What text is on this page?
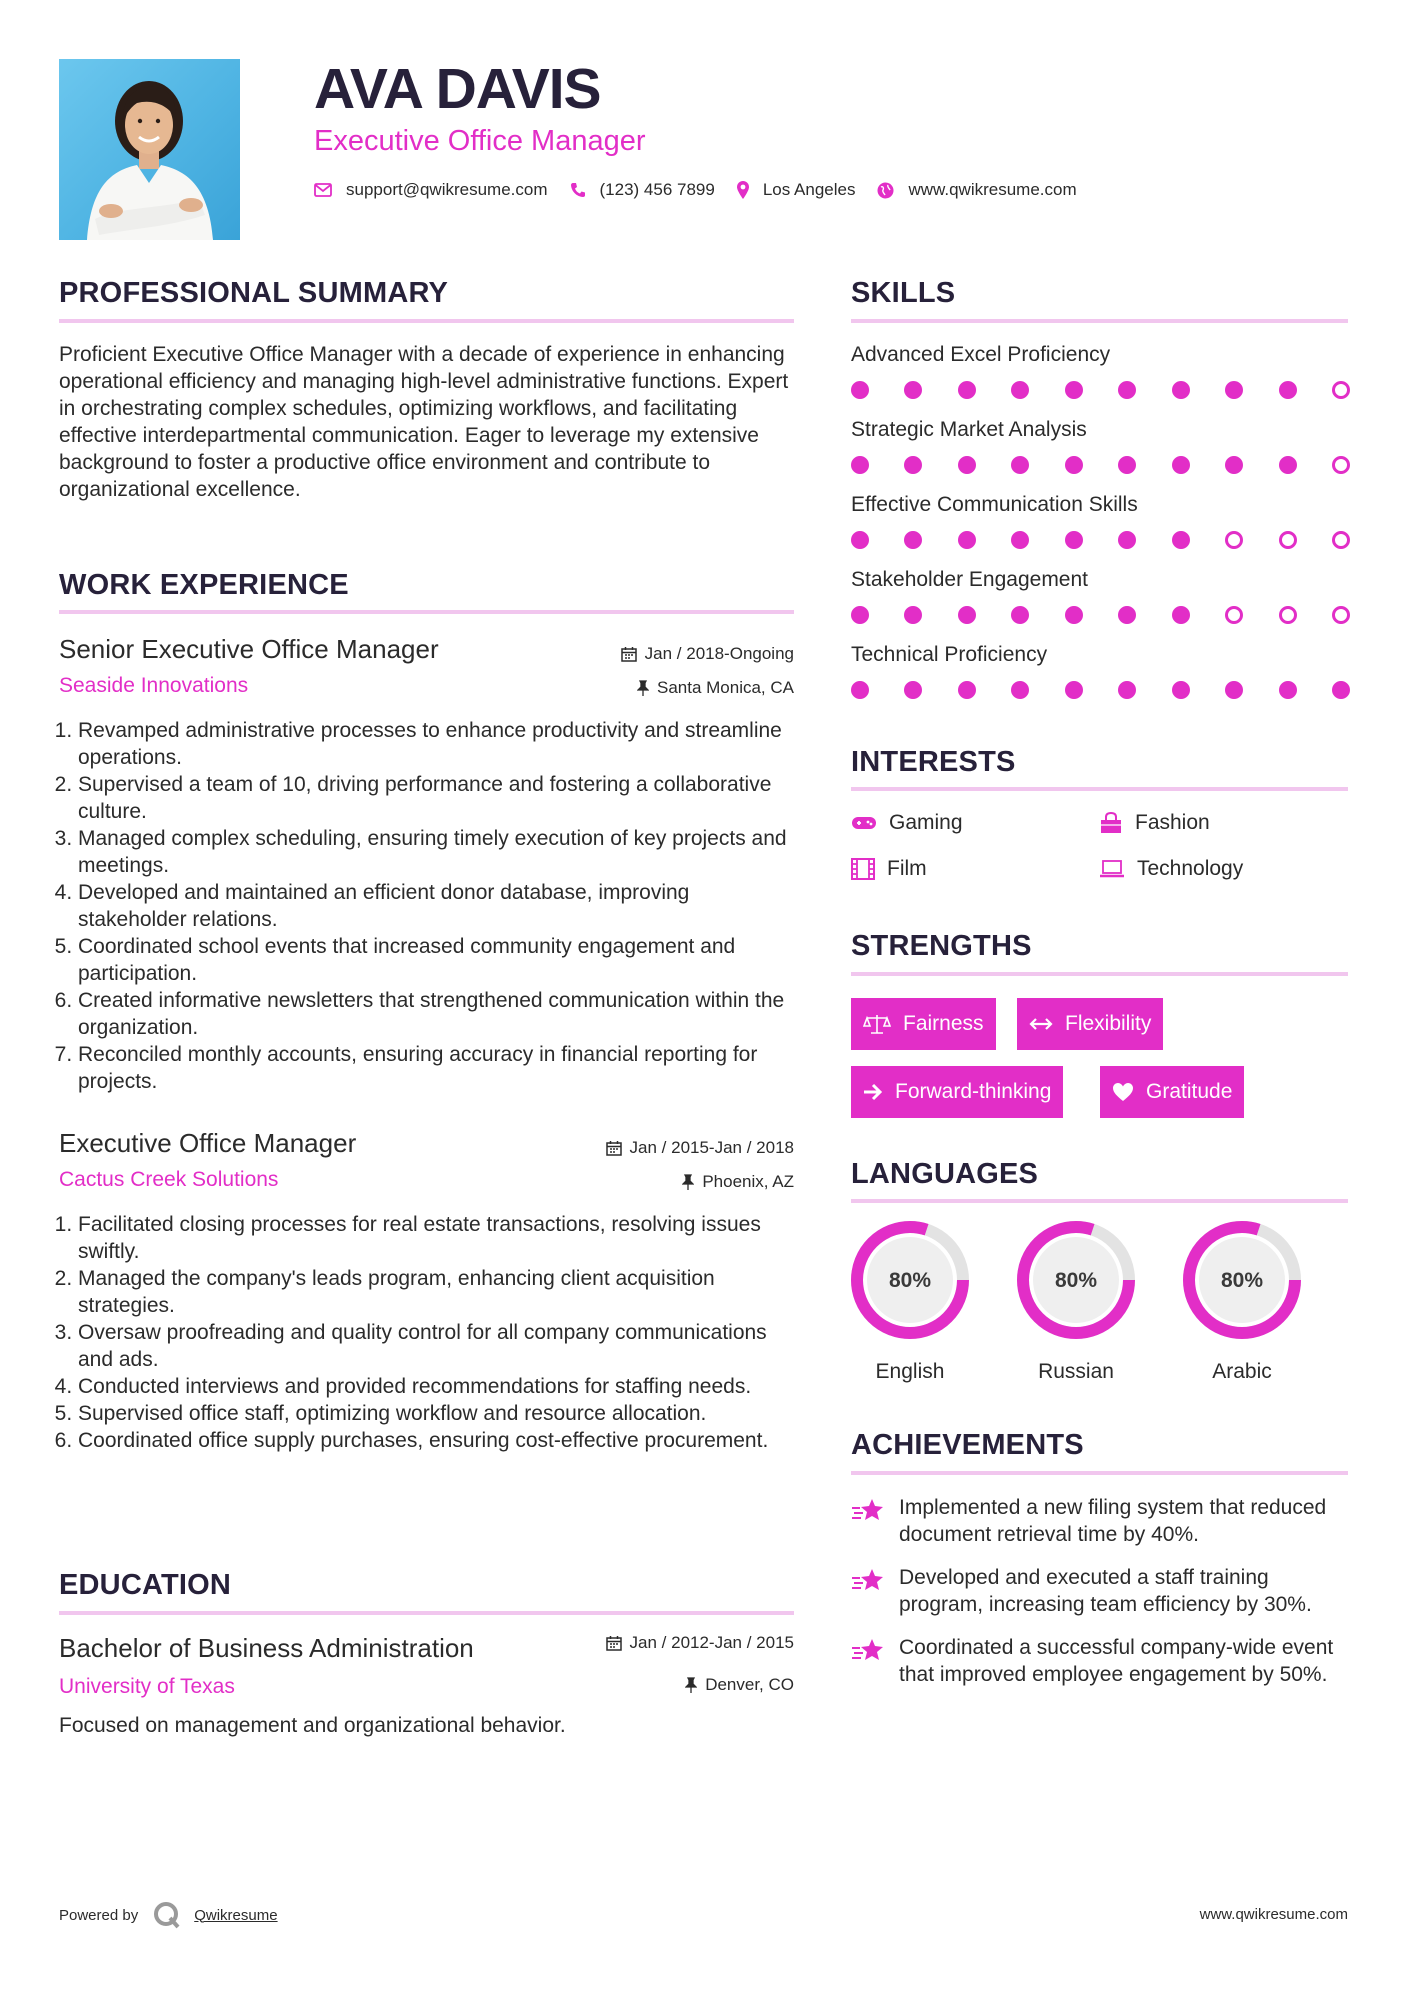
AVA DAVIS
Executive Office Manager
support@qwikresume.com	(123) 456 7899	Los Angeles	www.qwikresume.com
PROFESSIONAL SUMMARY
Proficient Executive Office Manager with a decade of experience in enhancing operational efficiency and managing high-level administrative functions. Expert in orchestrating complex schedules, optimizing workflows, and facilitating effective interdepartmental communication. Eager to leverage my extensive background to foster a productive office environment and contribute to organizational excellence.
WORK EXPERIENCE
Senior Executive Office Manager	Jan / 2018-Ongoing
Seaside Innovations	Santa Monica, CA
1. Revamped administrative processes to enhance productivity and streamline operations.
2. Supervised a team of 10, driving performance and fostering a collaborative culture.
3. Managed complex scheduling, ensuring timely execution of key projects and meetings.
4. Developed and maintained an efficient donor database, improving stakeholder relations.
5. Coordinated school events that increased community engagement and participation.
6. Created informative newsletters that strengthened communication within the organization.
7. Reconciled monthly accounts, ensuring accuracy in financial reporting for projects.
Executive Office Manager	Jan / 2015-Jan / 2018
Cactus Creek Solutions	Phoenix, AZ
1. Facilitated closing processes for real estate transactions, resolving issues swiftly.
2. Managed the company's leads program, enhancing client acquisition strategies.
3. Oversaw proofreading and quality control for all company communications and ads.
4. Conducted interviews and provided recommendations for staffing needs.
5. Supervised office staff, optimizing workflow and resource allocation.
6. Coordinated office supply purchases, ensuring cost-effective procurement.
EDUCATION
Bachelor of Business Administration	Jan / 2012-Jan / 2015
University of Texas	Denver, CO
Focused on management and organizational behavior.
SKILLS
Advanced Excel Proficiency
Strategic Market Analysis
Effective Communication Skills
Stakeholder Engagement
Technical Proficiency
INTERESTS
Gaming	Fashion
Film	Technology
STRENGTHS
Fairness	Flexibility
Forward-thinking	Gratitude
LANGUAGES
80%
English
80%
Russian
80%
Arabic
ACHIEVEMENTS
Implemented a new filing system that reduced document retrieval time by 40%.
Developed and executed a staff training program, increasing team efficiency by 30%.
Coordinated a successful company-wide event that improved employee engagement by 50%.
Powered by	Qwikresume	www.qwikresume.com
